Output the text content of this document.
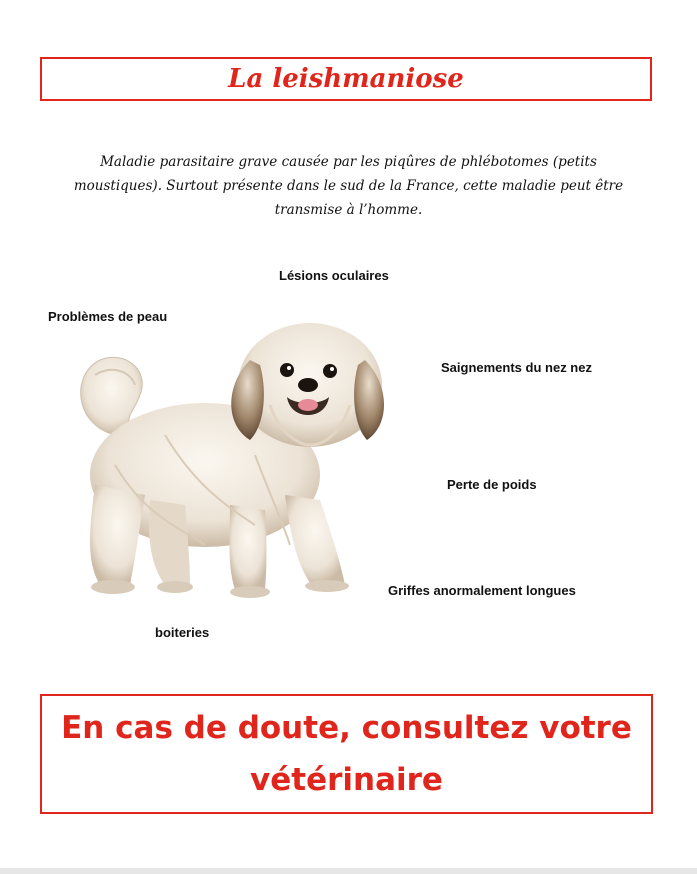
La leishmaniose
Maladie parasitaire grave causée par les piqûres de phlébotomes (petits moustiques). Surtout présente dans le sud de la France, cette maladie peut être transmise à l’homme.
Lésions oculaires
Problèmes de peau
Saignements du nez nez
Perte de poids
Griffes anormalement longues
boiteries
En cas de doute, consultez votre vétérinaire
